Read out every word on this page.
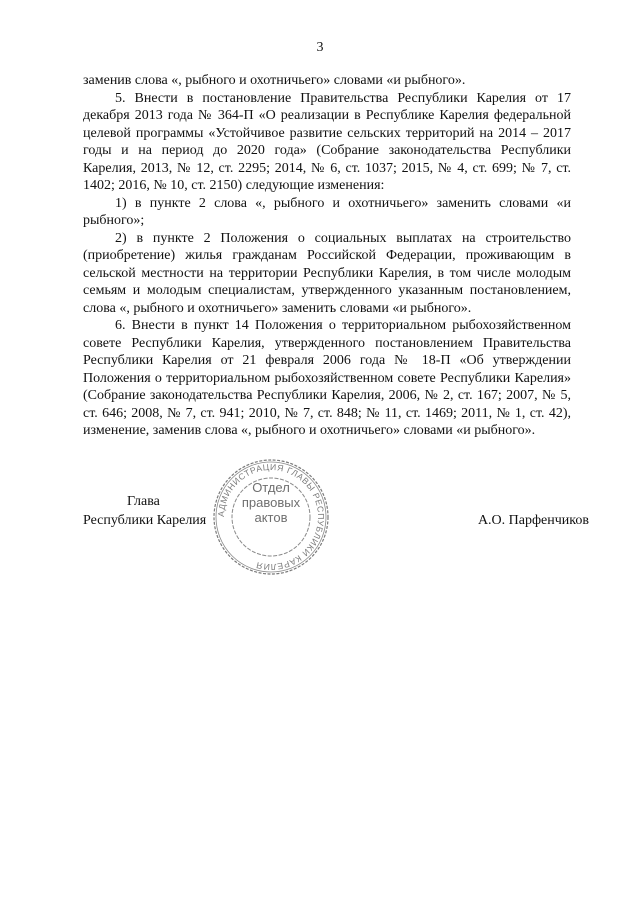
3

заменив слова «, рыбного и охотничьего» словами «и рыбного».

5. Внести в постановление Правительства Республики Карелия от 17 декабря 2013 года № 364-П «О реализации в Республике Карелия федеральной целевой программы «Устойчивое развитие сельских территорий на 2014 – 2017 годы и на период до 2020 года» (Собрание законодательства Республики Карелия, 2013, № 12, ст. 2295; 2014, № 6, ст. 1037; 2015, № 4, ст. 699; № 7, ст. 1402; 2016, № 10, ст. 2150) следующие изменения:

1) в пункте 2 слова «, рыбного и охотничьего» заменить словами «и рыбного»;

2) в пункте 2 Положения о социальных выплатах на строительство (приобретение) жилья гражданам Российской Федерации, проживающим в сельской местности на территории Республики Карелия, в том числе молодым семьям и молодым специалистам, утвержденного указанным постановлением, слова «, рыбного и охотничьего» заменить словами «и рыбного».

6. Внести в пункт 14 Положения о территориальном рыбохозяйственном совете Республики Карелия, утвержденного постановлением Правительства Республики Карелия от 21 февраля 2006 года № 18-П «Об утверждении Положения о территориальном рыбохозяйственном совете Республики Карелия» (Собрание законодательства Республики Карелия, 2006, № 2, ст. 167; 2007, № 5, ст. 646; 2008, № 7, ст. 941; 2010, № 7, ст. 848; № 11, ст. 1469; 2011, № 1, ст. 42), изменение, заменив слова «, рыбного и охотничьего» словами «и рыбного».

Глава
Республики Карелия	А.О. Парфенчиков
АДМИНИСТРАЦИЯ ГЛАВЫ РЕСПУБЛИКИ КАРЕЛИЯ
Отдел
правовых
актов
